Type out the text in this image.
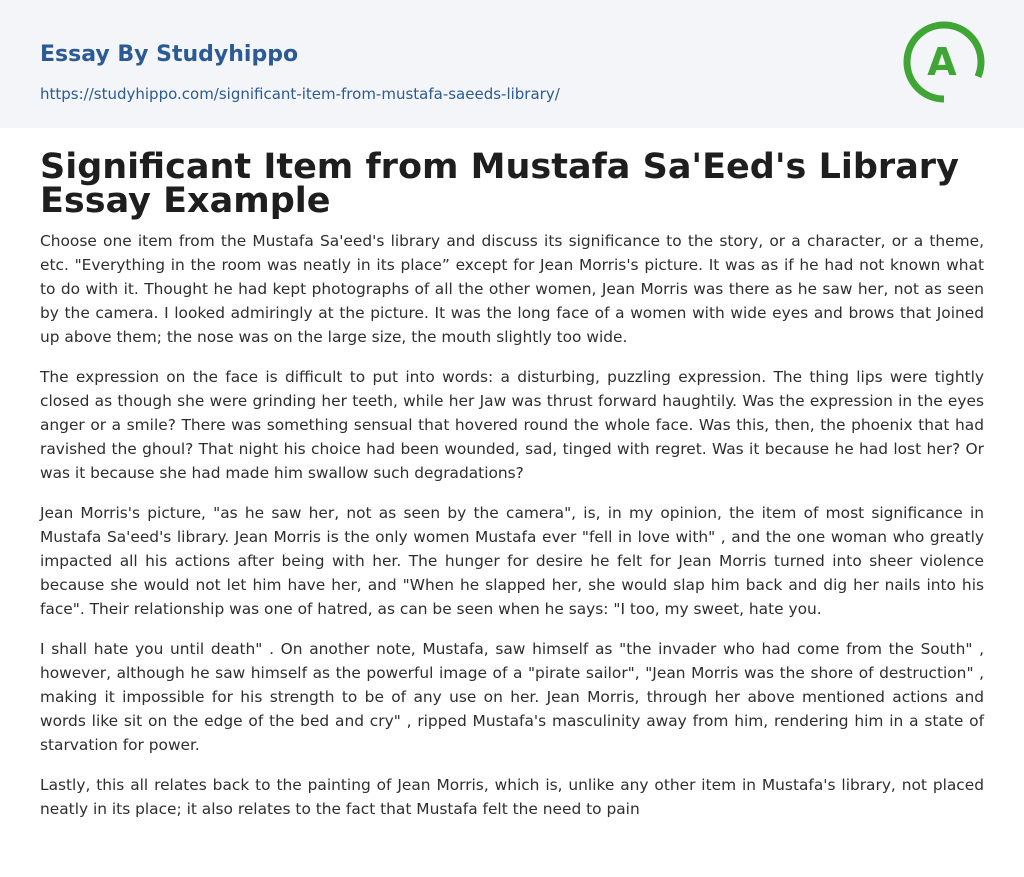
Essay By Studyhippo
https://studyhippo.com/significant-item-from-mustafa-saeeds-library/
A
Significant Item from Mustafa Sa'Eed's Library Essay Example

Choose one item from the Mustafa Sa'eed's library and discuss its significance to the story, or a character, or a theme, etc. "Everything in the room was neatly in its place” except for Jean Morris's picture. It was as if he had not known what to do with it. Thought he had kept photographs of all the other women, Jean Morris was there as he saw her, not as seen by the camera. I looked admiringly at the picture. It was the long face of a women with wide eyes and brows that Joined up above them; the nose was on the large size, the mouth slightly too wide.

The expression on the face is difficult to put into words: a disturbing, puzzling expression. The thing lips were tightly closed as though she were grinding her teeth, while her Jaw was thrust forward haughtily. Was the expression in the eyes anger or a smile? There was something sensual that hovered round the whole face. Was this, then, the phoenix that had ravished the ghoul? That night his choice had been wounded, sad, tinged with regret. Was it because he had lost her? Or was it because she had made him swallow such degradations?

Jean Morris's picture, "as he saw her, not as seen by the camera", is, in my opinion, the item of most significance in Mustafa Sa'eed's library. Jean Morris is the only women Mustafa ever "fell in love with" , and the one woman who greatly impacted all his actions after being with her. The hunger for desire he felt for Jean Morris turned into sheer violence because she would not let him have her, and "When he slapped her, she would slap him back and dig her nails into his face". Their relationship was one of hatred, as can be seen when he says: "I too, my sweet, hate you.

I shall hate you until death" . On another note, Mustafa, saw himself as "the invader who had come from the South" , however, although he saw himself as the powerful image of a "pirate sailor", "Jean Morris was the shore of destruction" , making it impossible for his strength to be of any use on her. Jean Morris, through her above mentioned actions and words like sit on the edge of the bed and cry" , ripped Mustafa's masculinity away from him, rendering him in a state of starvation for power.

Lastly, this all relates back to the painting of Jean Morris, which is, unlike any other item in Mustafa's library, not placed neatly in its place; it also relates to the fact that Mustafa felt the need to pain
